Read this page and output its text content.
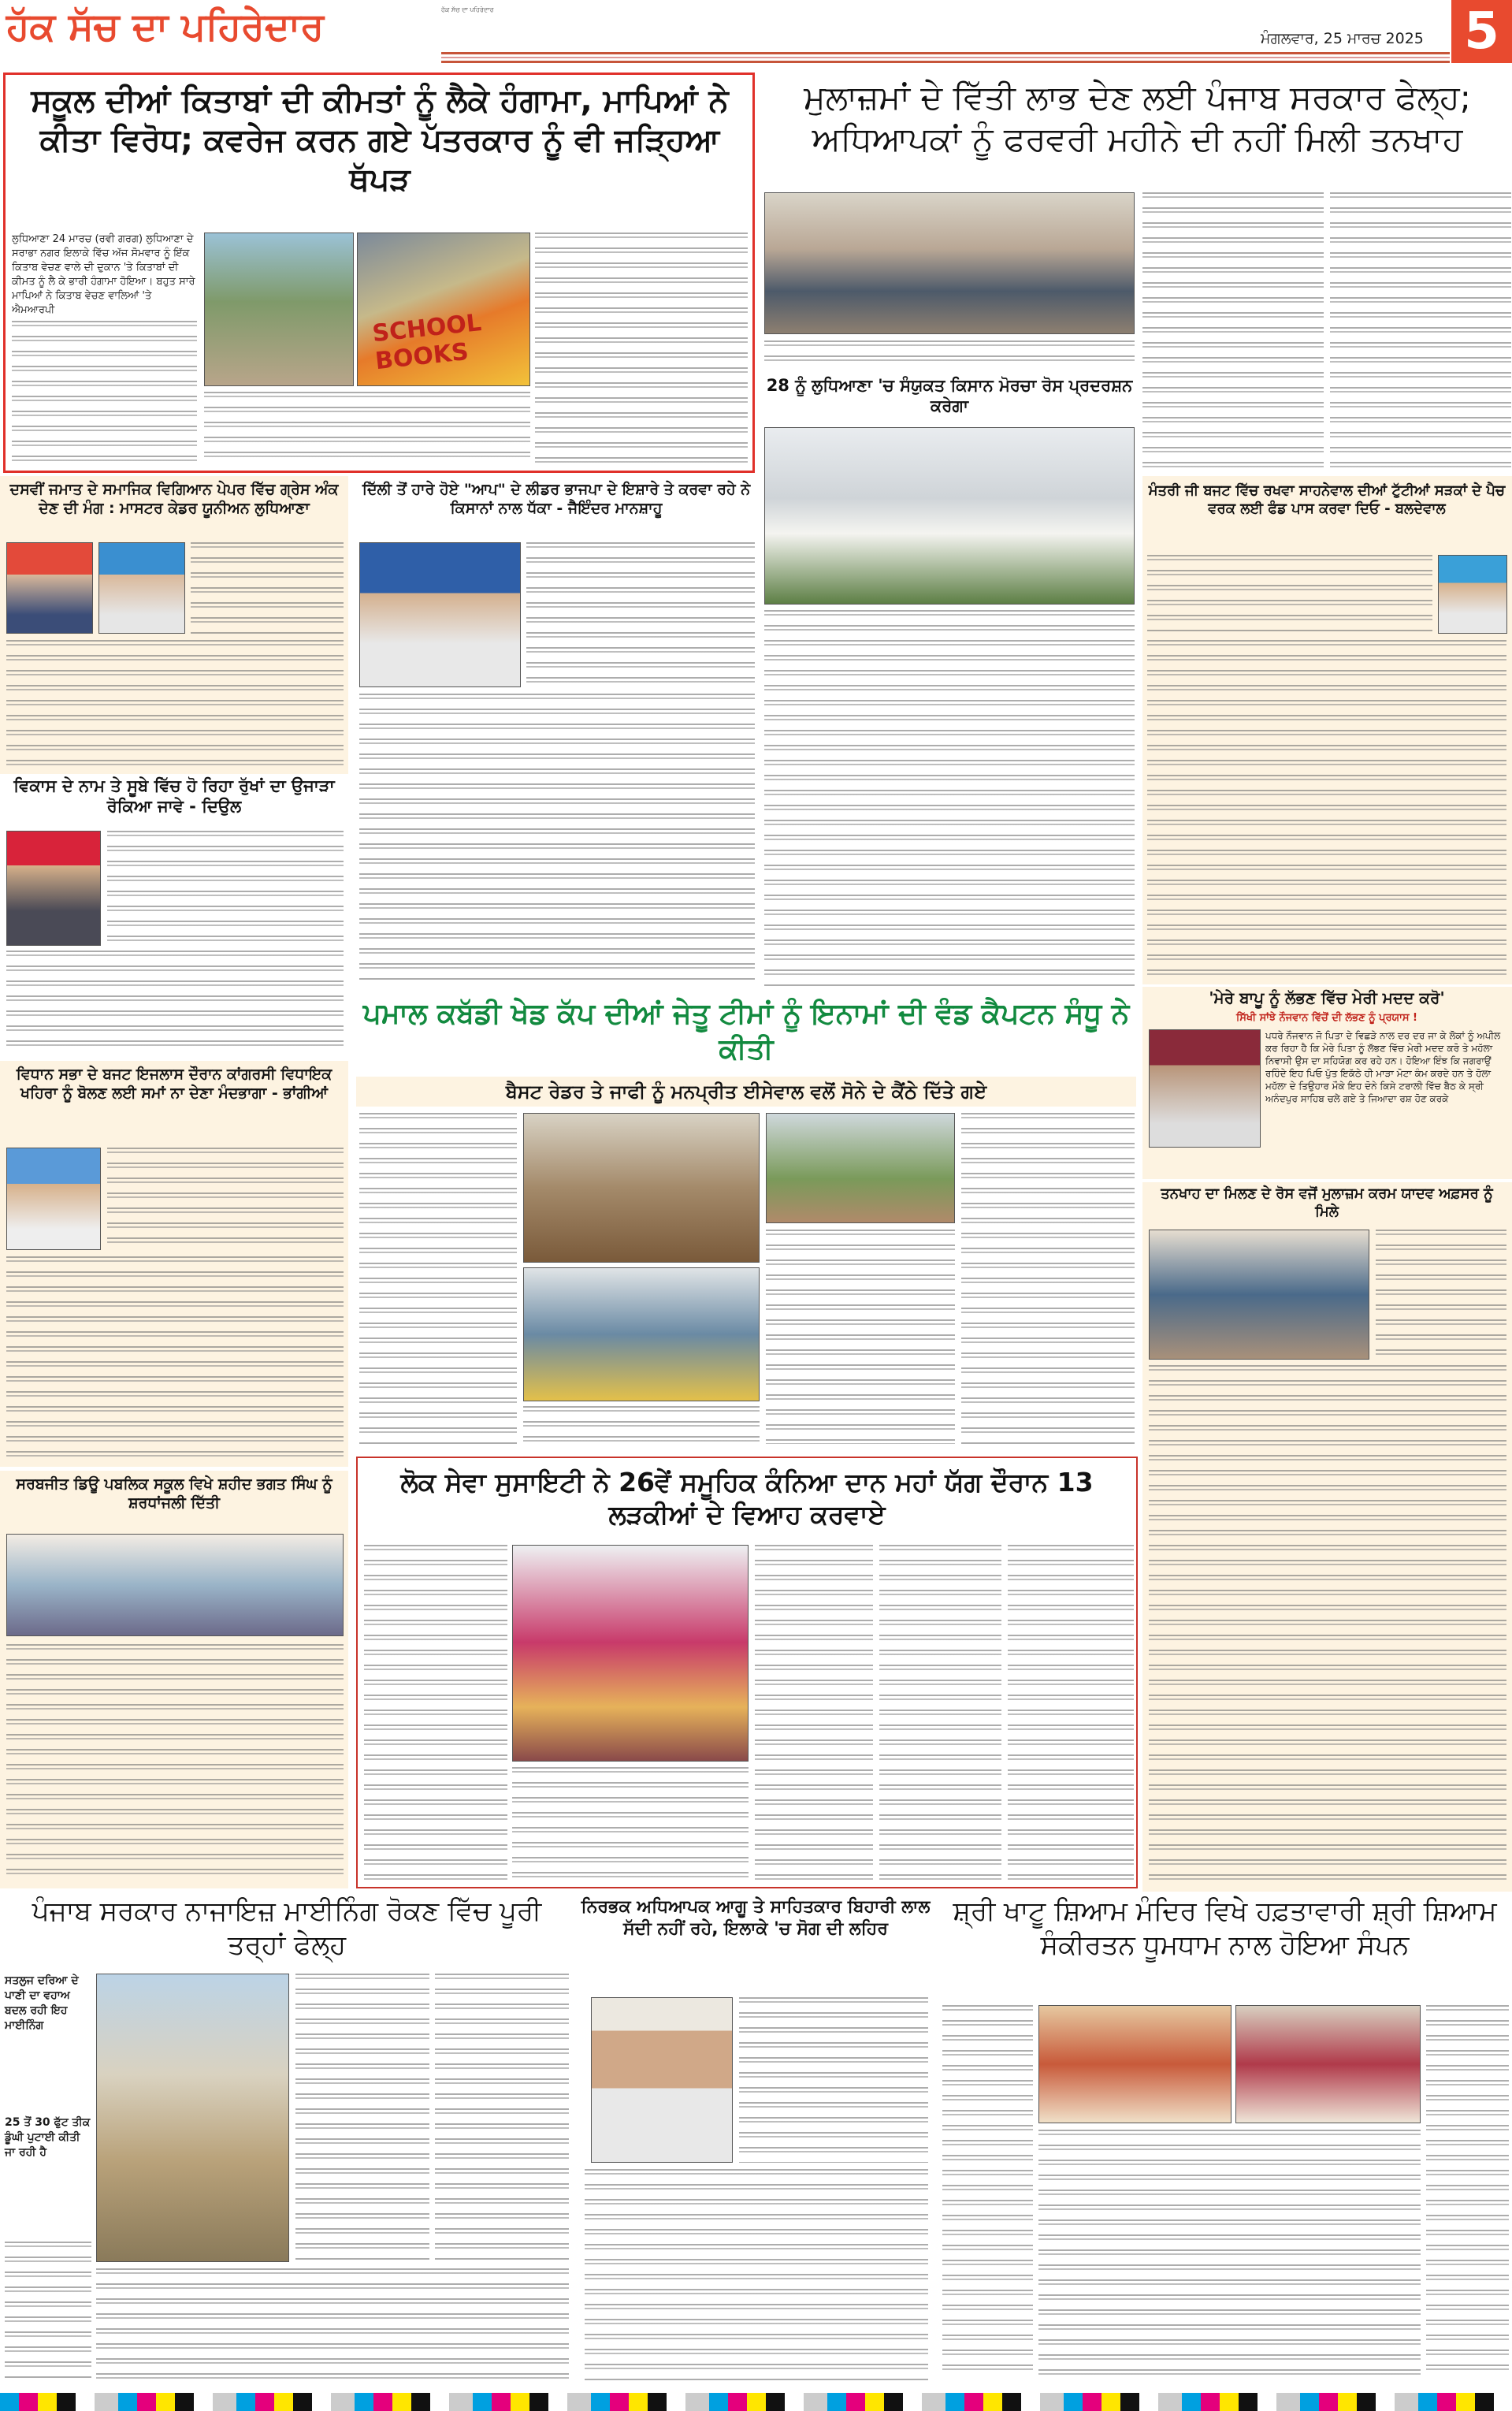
ਹੱਕ ਸੱਚ ਦਾ ਪਹਿਰੇਦਾਰ	ਹੱਕ ਸੱਚ ਦਾ ਪਹਿਰੇਦਾਰ
ਮੰਗਲਵਾਰ, 25 ਮਾਰਚ 2025 5
ਸਕੂਲ ਦੀਆਂ ਕਿਤਾਬਾਂ ਦੀ ਕੀਮਤਾਂ ਨੂੰ ਲੈਕੇ ਹੰਗਾਮਾ, ਮਾਪਿਆਂ ਨੇ ਕੀਤਾ ਵਿਰੋਧ; ਕਵਰੇਜ ਕਰਨ ਗਏ ਪੱਤਰਕਾਰ ਨੂੰ ਵੀ ਜੜ੍ਹਿਆ ਥੱਪੜ
ਲੁਧਿਆਣਾ 24 ਮਾਰਚ (ਰਵੀ ਗਰਗ) ਲੁਧਿਆਣਾ ਦੇ ਸਰਾਭਾ ਨਗਰ ਇਲਾਕੇ ਵਿੱਚ ਅੱਜ ਸੋਮਵਾਰ ਨੂੰ ਇੱਕ ਕਿਤਾਬ ਵੇਚਣ ਵਾਲੇ ਦੀ ਦੁਕਾਨ 'ਤੇ ਕਿਤਾਬਾਂ ਦੀ ਕੀਮਤ ਨੂੰ ਲੈ ਕੇ ਭਾਰੀ ਹੰਗਾਮਾ ਹੋਇਆ। ਬਹੁਤ ਸਾਰੇ ਮਾਪਿਆਂ ਨੇ ਕਿਤਾਬ ਵੇਚਣ ਵਾਲਿਆਂ 'ਤੇ ਐਮਆਰਪੀ	SCHOOL BOOKS
ਮੁਲਾਜ਼ਮਾਂ ਦੇ ਵਿੱਤੀ ਲਾਭ ਦੇਣ ਲਈ ਪੰਜਾਬ ਸਰਕਾਰ ਫੇਲ੍ਹ; ਅਧਿਆਪਕਾਂ ਨੂੰ ਫਰਵਰੀ ਮਹੀਨੇ ਦੀ ਨਹੀਂ ਮਿਲੀ ਤਨਖਾਹ
28 ਨੂੰ ਲੁਧਿਆਣਾ 'ਚ ਸੰਯੁਕਤ ਕਿਸਾਨ ਮੋਰਚਾ ਰੋਸ ਪ੍ਰਦਰਸ਼ਨ ਕਰੇਗਾ
ਦਸਵੀਂ ਜਮਾਤ ਦੇ ਸਮਾਜਿਕ ਵਿਗਿਆਨ ਪੇਪਰ ਵਿੱਚ ਗ੍ਰੇਸ ਅੰਕ ਦੇਣ ਦੀ ਮੰਗ : ਮਾਸਟਰ ਕੇਡਰ ਯੂਨੀਅਨ ਲੁਧਿਆਣਾ
ਵਿਕਾਸ ਦੇ ਨਾਮ ਤੇ ਸੂਬੇ ਵਿੱਚ ਹੋ ਰਿਹਾ ਰੁੱਖਾਂ ਦਾ ਉਜਾੜਾ ਰੋਕਿਆ ਜਾਵੇ - ਦਿਉਲ
ਵਿਧਾਨ ਸਭਾ ਦੇ ਬਜਟ ਇਜਲਾਸ ਦੌਰਾਨ ਕਾਂਗਰਸੀ ਵਿਧਾਇਕ ਖਹਿਰਾ ਨੂੰ ਬੋਲਣ ਲਈ ਸਮਾਂ ਨਾ ਦੇਣਾ ਮੰਦਭਾਗਾ - ਭਾਂਗੀਆਂ
ਸਰਬਜੀਤ ਡਿਊ ਪਬਲਿਕ ਸਕੂਲ ਵਿਖੇ ਸ਼ਹੀਦ ਭਗਤ ਸਿੰਘ ਨੂੰ ਸ਼ਰਧਾਂਜਲੀ ਦਿੱਤੀ
ਦਿੱਲੀ ਤੋਂ ਹਾਰੇ ਹੋਏ "ਆਪ" ਦੇ ਲੀਡਰ ਭਾਜਪਾ ਦੇ ਇਸ਼ਾਰੇ ਤੇ ਕਰਵਾ ਰਹੇ ਨੇ ਕਿਸਾਨਾਂ ਨਾਲ ਧੱਕਾ - ਜੈਇੰਦਰ ਮਾਨਸ਼ਾਹੂ
ਮੰਤਰੀ ਜੀ ਬਜਟ ਵਿੱਚ ਰਖਵਾ ਸਾਹਨੇਵਾਲ ਦੀਆਂ ਟੁੱਟੀਆਂ ਸੜਕਾਂ ਦੇ ਪੈਚ ਵਰਕ ਲਈ ਫੰਡ ਪਾਸ ਕਰਵਾ ਦਿਓ - ਬਲਦੇਵਾਲ
'ਮੇਰੇ ਬਾਪੂ ਨੂੰ ਲੱਭਣ ਵਿੱਚ ਮੇਰੀ ਮਦਦ ਕਰੋ'
ਸਿੱਖੀ ਸਾਂਝੇ ਨੌਜਵਾਨ ਵਿੱਚੋਂ ਦੀ ਲੱਭਣ ਨੂੰ ਪ੍ਰਯਾਸ !
ਪਧਰੇ ਨੌਜਵਾਨ ਜੋ ਪਿਤਾ ਦੇ ਵਿਛੜੇ ਨਾਲ ਦਰ ਦਰ ਜਾ ਕੇ ਲੋਕਾਂ ਨੂੰ ਅਪੀਲ ਕਰ ਰਿਹਾ ਹੈ ਕਿ ਮੇਰੇ ਪਿਤਾ ਨੂੰ ਲੱਭਣ ਵਿੱਚ ਮੇਰੀ ਮਦਦ ਕਰੋ ਤੇ ਮਹੱਲਾ ਨਿਵਾਸੀ ਉਸ ਦਾ ਸਹਿਯੋਗ ਕਰ ਰਹੇ ਹਨ। ਹੋਇਆ ਇੰਝ ਕਿ ਜਗਰਾਉਂ ਰਹਿੰਦੇ ਇਹ ਪਿਓ ਪੁੱਤ ਇਕੱਠੇ ਹੀ ਮਾੜਾ ਮੋਟਾ ਕੰਮ ਕਰਦੇ ਹਨ ਤੇ ਹੋਲਾ ਮਹੱਲਾ ਦੇ ਤਿਉਹਾਰ ਮੌਕੇ ਇਹ ਦੋਨੇ ਕਿਸੇ ਟਰਾਲੀ ਵਿੱਚ ਬੈਠ ਕੇ ਸ੍ਰੀ ਅਨੰਦਪੁਰ ਸਾਹਿਬ ਚਲੇ ਗਏ ਤੇ ਜਿਆਦਾ ਰਸ਼ ਹੋਣ ਕਰਕੇ
ਤਨਖਾਹ ਦਾ ਮਿਲਣ ਦੇ ਰੋਸ ਵਜੋਂ ਮੁਲਾਜ਼ਮ ਕਰਮ ਯਾਦਵ ਅਫ਼ਸਰ ਨੂੰ ਮਿਲੇ
ਪਮਾਲ ਕਬੱਡੀ ਖੇਡ ਕੱਪ ਦੀਆਂ ਜੇਤੂ ਟੀਮਾਂ ਨੂੰ ਇਨਾਮਾਂ ਦੀ ਵੰਡ ਕੈਪਟਨ ਸੰਧੂ ਨੇ ਕੀਤੀ
ਬੈਸਟ ਰੇਡਰ ਤੇ ਜਾਫੀ ਨੂੰ ਮਨਪ੍ਰੀਤ ਈਸੇਵਾਲ ਵਲੋਂ ਸੋਨੇ ਦੇ ਕੈਂਠੇ ਦਿੱਤੇ ਗਏ
ਲੋਕ ਸੇਵਾ ਸੁਸਾਇਟੀ ਨੇ 26ਵੇਂ ਸਮੂਹਿਕ ਕੰਨਿਆ ਦਾਨ ਮਹਾਂ ਯੱਗ ਦੌਰਾਨ 13 ਲੜਕੀਆਂ ਦੇ ਵਿਆਹ ਕਰਵਾਏ
ਪੰਜਾਬ ਸਰਕਾਰ ਨਾਜਾਇਜ਼ ਮਾਈਨਿੰਗ ਰੋਕਣ ਵਿੱਚ ਪੂਰੀ ਤਰ੍ਹਾਂ ਫੇਲ੍ਹ
ਸਤਲੁਜ ਦਰਿਆ ਦੇ ਪਾਣੀ ਦਾ ਵਹਾਅ ਬਦਲ ਰਹੀ ਇਹ ਮਾਈਨਿੰਗ
25 ਤੋਂ 30 ਫੁੱਟ ਤੀਕ ਡੂੰਘੀ ਪੁਟਾਈ ਕੀਤੀ ਜਾ ਰਹੀ ਹੈ
ਨਿਰਭਕ ਅਧਿਆਪਕ ਆਗੂ ਤੇ ਸਾਹਿਤਕਾਰ ਬਿਹਾਰੀ ਲਾਲ ਸੱਦੀ ਨਹੀਂ ਰਹੇ, ਇਲਾਕੇ 'ਚ ਸੋਗ ਦੀ ਲਹਿਰ
ਸ਼੍ਰੀ ਖਾਟੂ ਸ਼ਿਆਮ ਮੰਦਿਰ ਵਿਖੇ ਹਫ਼ਤਾਵਾਰੀ ਸ਼੍ਰੀ ਸ਼ਿਆਮ ਸੰਕੀਰਤਨ ਧੂਮਧਾਮ ਨਾਲ ਹੋਇਆ ਸੰਪਨ
